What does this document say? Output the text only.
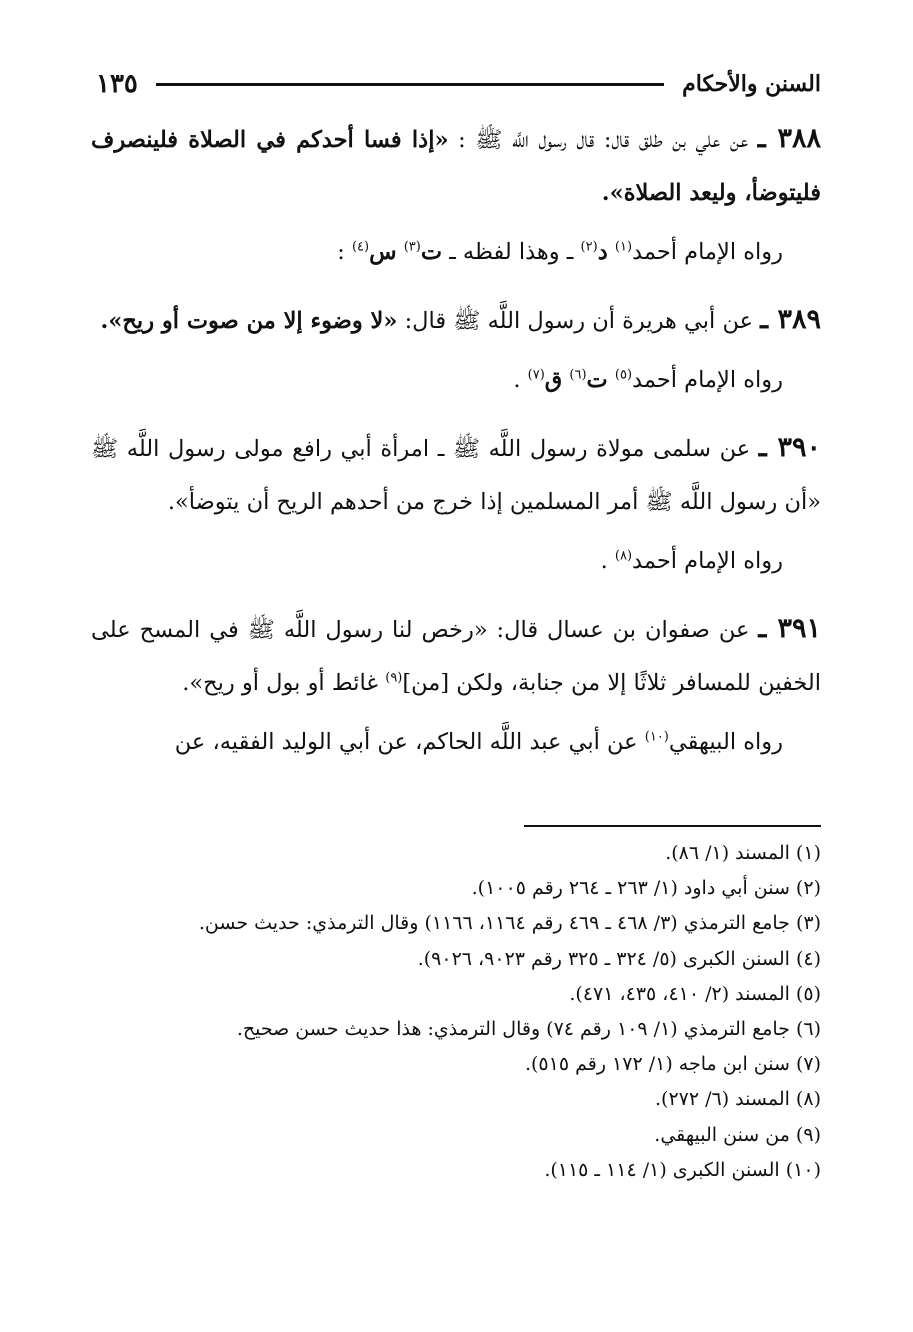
السنن والأحكام
١٣٥

٣٨٨ ـ عن علي بن طلق قال: قال رسول اللَّه ﷺ : «إذا فسا أحدكم في الصلاة فلينصرف فليتوضأ، وليعد الصلاة».

رواه الإمام أحمد$^{(١)}$ د$^{(٢)}$ ـ وهذا لفظه ـ ت$^{(٣)}$ س$^{(٤)}$ :

٣٨٩ ـ عن أبي هريرة أن رسول اللَّه ﷺ قال: «لا وضوء إلا من صوت أو ريح».

رواه الإمام أحمد$^{(٥)}$ ت$^{(٦)}$ ق$^{(٧)}$ .

٣٩٠ ـ عن سلمى مولاة رسول اللَّه ﷺ ـ امرأة أبي رافع مولى رسول اللَّه ﷺ «أن رسول اللَّه ﷺ أمر المسلمين إذا خرج من أحدهم الريح أن يتوضأ».

رواه الإمام أحمد$^{(٨)}$ .

٣٩١ ـ عن صفوان بن عسال قال: «رخص لنا رسول اللَّه ﷺ في المسح على الخفين للمسافر ثلاثًا إلا من جنابة، ولكن [من]$^{(٩)}$ غائط أو بول أو ريح».

رواه البيهقي$^{(١٠)}$ عن أبي عبد اللَّه الحاكم، عن أبي الوليد الفقيه، عن

(١) المسند (١/ ٨٦).
(٢) سنن أبي داود (١/ ٢٦٣ ـ ٢٦٤ رقم ١٠٠٥).
(٣) جامع الترمذي (٣/ ٤٦٨ ـ ٤٦٩ رقم ١١٦٤، ١١٦٦) وقال الترمذي: حديث حسن.
(٤) السنن الكبرى (٥/ ٣٢٤ ـ ٣٢٥ رقم ٩٠٢٣، ٩٠٢٦).
(٥) المسند (٢/ ٤١٠، ٤٣٥، ٤٧١).
(٦) جامع الترمذي (١/ ١٠٩ رقم ٧٤) وقال الترمذي: هذا حديث حسن صحيح.
(٧) سنن ابن ماجه (١/ ١٧٢ رقم ٥١٥).
(٨) المسند (٦/ ٢٧٢).
(٩) من سنن البيهقي.
(١٠) السنن الكبرى (١/ ١١٤ ـ ١١٥).
